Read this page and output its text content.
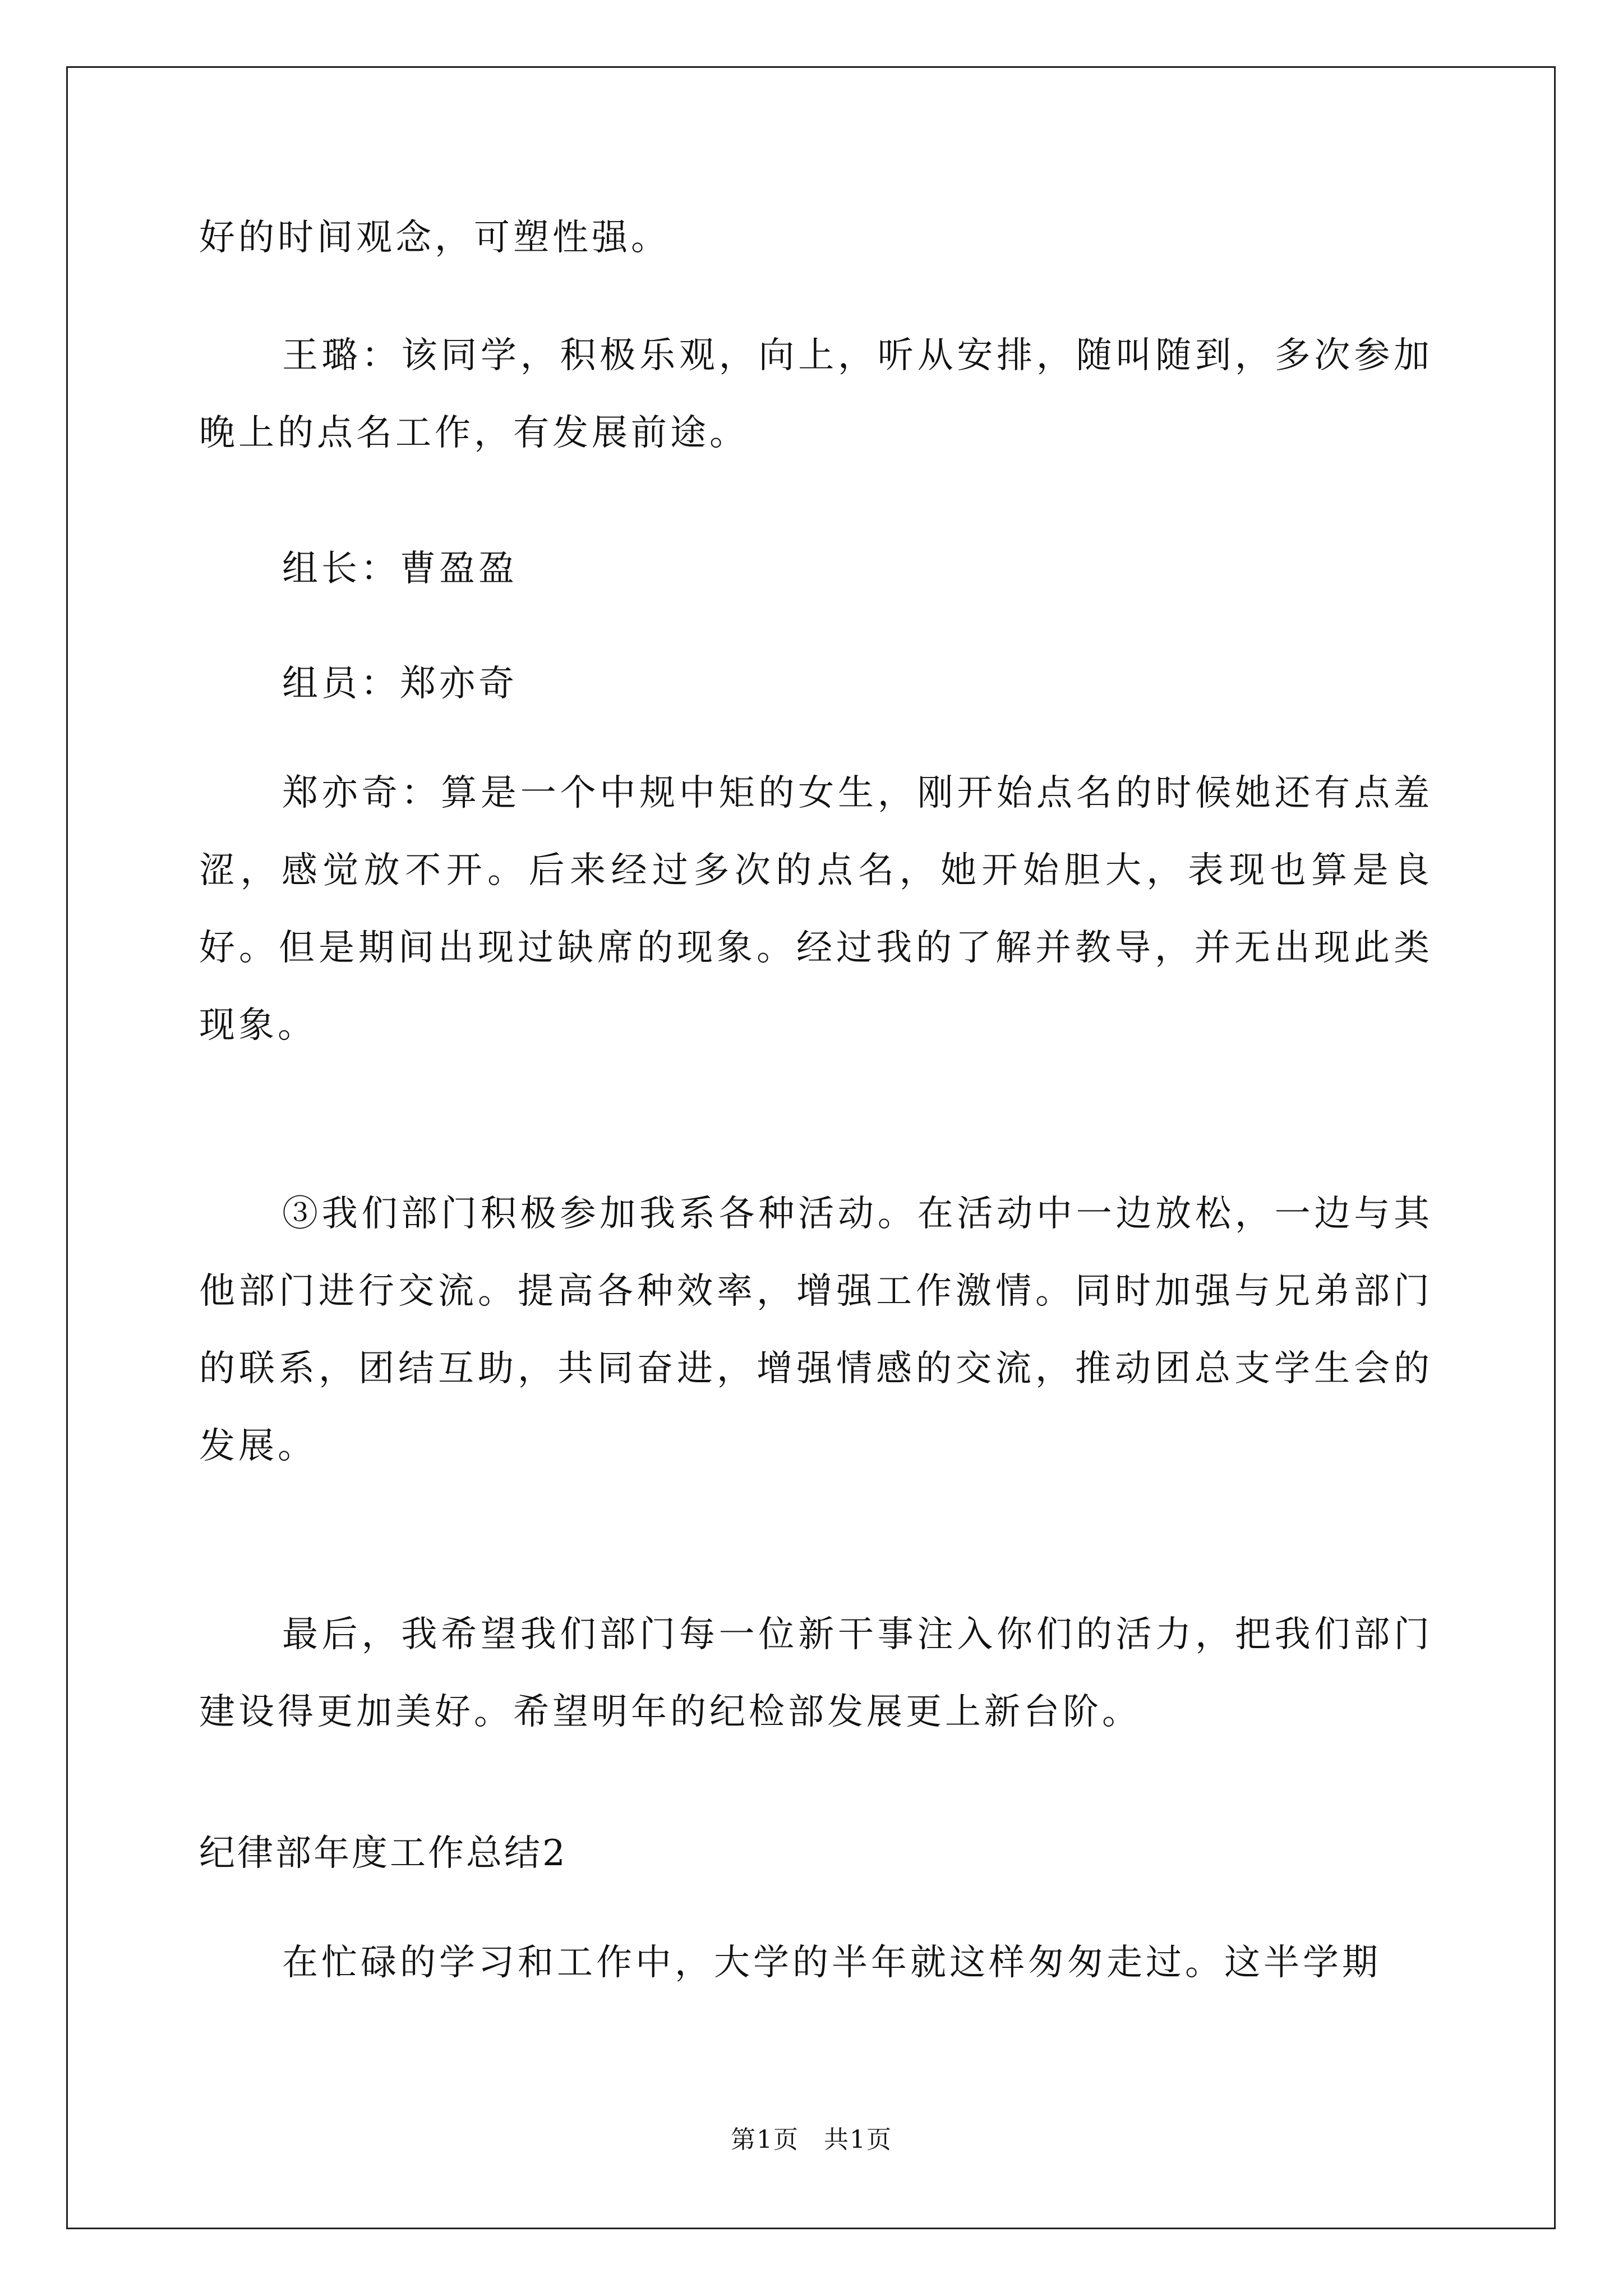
好的时间观念，可塑性强。

王璐：该同学，积极乐观，向上，听从安排，随叫随到，多次参加晚上的点名工作，有发展前途。

组长：曹盈盈

组员：郑亦奇

郑亦奇：算是一个中规中矩的女生，刚开始点名的时候她还有点羞涩，感觉放不开。后来经过多次的点名，她开始胆大，表现也算是良好。但是期间出现过缺席的现象。经过我的了解并教导，并无出现此类现象。

③我们部门积极参加我系各种活动。在活动中一边放松，一边与其他部门进行交流。提高各种效率，增强工作激情。同时加强与兄弟部门的联系，团结互助，共同奋进，增强情感的交流，推动团总支学生会的发展。

最后，我希望我们部门每一位新干事注入你们的活力，把我们部门建设得更加美好。希望明年的纪检部发展更上新台阶。

纪律部年度工作总结2

在忙碌的学习和工作中，大学的半年就这样匆匆走过。这半学期

第1页 共1页
